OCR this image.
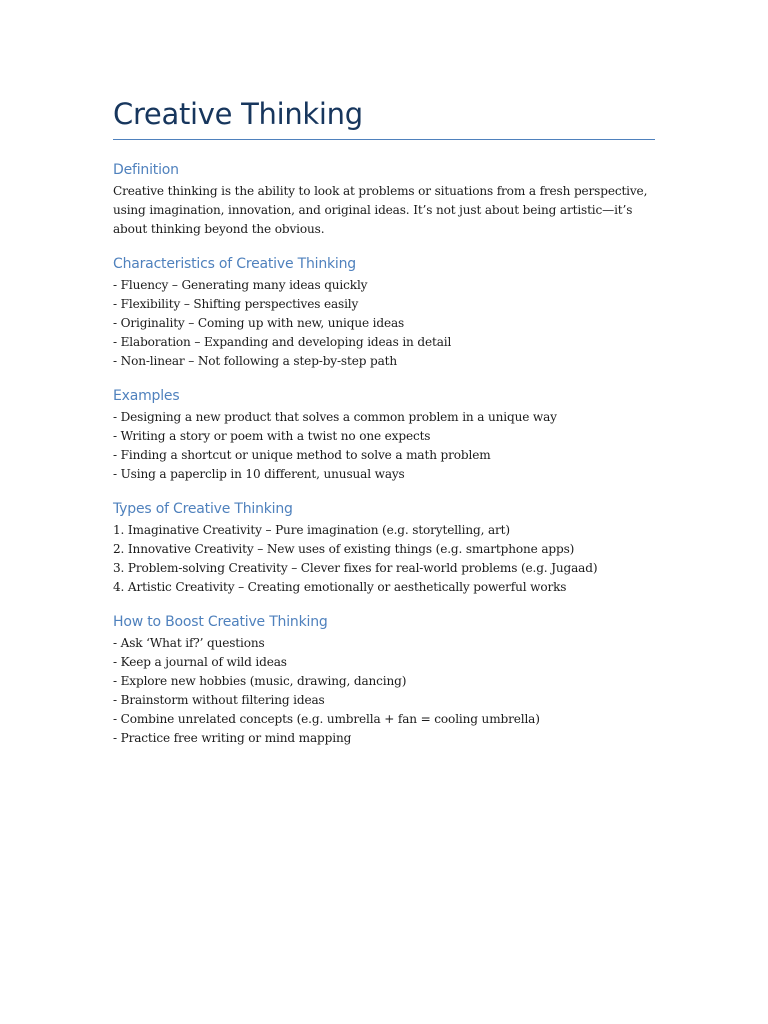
Creative Thinking
Definition

Creative thinking is the ability to look at problems or situations from a fresh perspective,
using imagination, innovation, and original ideas. It’s not just about being artistic—it’s
about thinking beyond the obvious.

Characteristics of Creative Thinking
- Fluency – Generating many ideas quickly
- Flexibility – Shifting perspectives easily
- Originality – Coming up with new, unique ideas
- Elaboration – Expanding and developing ideas in detail
- Non-linear – Not following a step-by-step path
Examples
- Designing a new product that solves a common problem in a unique way
- Writing a story or poem with a twist no one expects
- Finding a shortcut or unique method to solve a math problem
- Using a paperclip in 10 different, unusual ways
Types of Creative Thinking
1. Imaginative Creativity – Pure imagination (e.g. storytelling, art)
2. Innovative Creativity – New uses of existing things (e.g. smartphone apps)
3. Problem-solving Creativity – Clever fixes for real-world problems (e.g. Jugaad)
4. Artistic Creativity – Creating emotionally or aesthetically powerful works
How to Boost Creative Thinking
- Ask ‘What if?’ questions
- Keep a journal of wild ideas
- Explore new hobbies (music, drawing, dancing)
- Brainstorm without filtering ideas
- Combine unrelated concepts (e.g. umbrella + fan = cooling umbrella)
- Practice free writing or mind mapping
